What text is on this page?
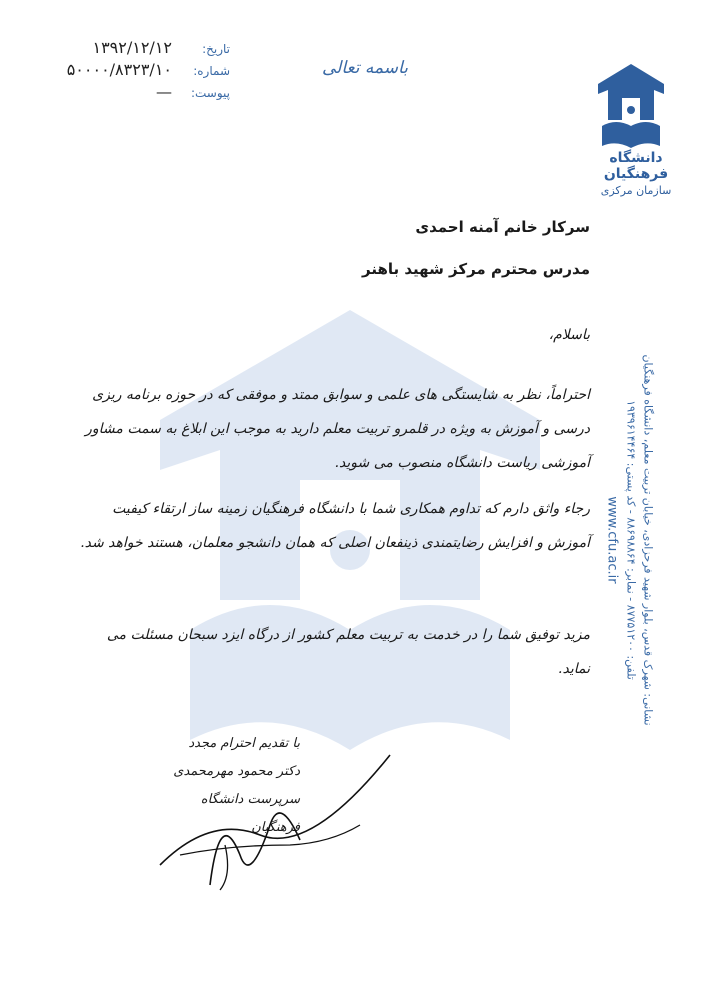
تاریخ:
۱۳۹۲/۱۲/۱۲
شماره:
۵۰۰۰۰/۸۳۲۳/۱۰
پیوست:
—
باسمه تعالی
دانشگاه فرهنگیان
سازمان مرکزی
نشانی: شهرک قدس، بلوار شهید فرحزادی، خیابان تربیت معلم، دانشگاه فرهنگیان
تلفن: ۸۷۷۵۱۲۰۰ - نمابر: ۸۸۶۹۸۸۶۴ - کد پستی: ۱۹۳۹۶۱۴۴۶۴
www.cfu.ac.ir
سرکار خانم آمنه احمدی
مدرس محترم مرکز شهید باهنر
باسلام،
احتراماً، نظر به شایستگی های علمی و سوابق ممتد و موفقی که در حوزه برنامه ریزی درسی و آموزش به ویژه در قلمرو تربیت معلم دارید به موجب این ابلاغ به سمت مشاور آموزشی ریاست دانشگاه منصوب می شوید.
رجاء واثق دارم که تداوم همکاری شما با دانشگاه فرهنگیان زمینه ساز ارتقاء کیفیت آموزش و افزایش رضایتمندی ذینفعان اصلی که همان دانشجو معلمان، هستند خواهد شد.
مزید توفیق شما را در خدمت به تربیت معلم کشور از درگاه ایزد سبحان مسئلت می نماید.
با تقدیم احترام مجدد
دکتر محمود مهرمحمدی
سرپرست دانشگاه فرهنگیان
